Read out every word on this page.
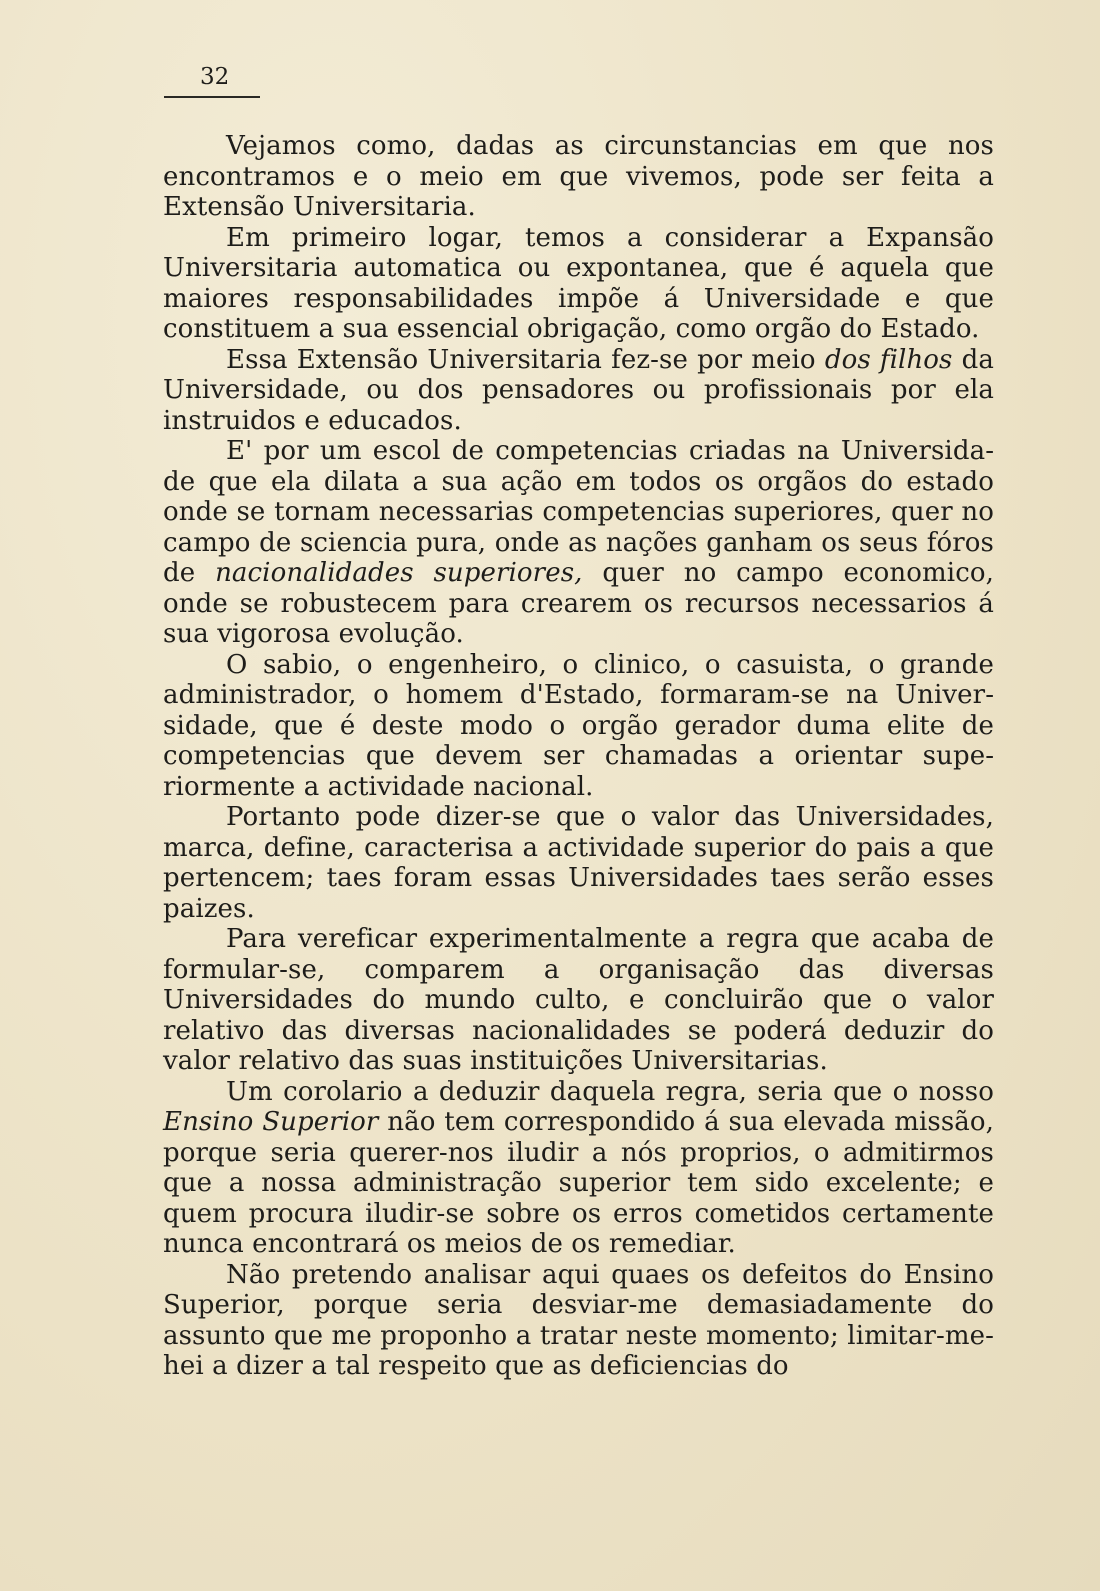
32

Vejamos como, dadas as circunstancias em que nos encontramos e o meio em que vivemos, pode ser feita a Extensão Universitaria.

Em primeiro logar, temos a considerar a Expansão Universitaria automatica ou expontanea, que é aquela que maiores responsabilidades impõe á Universidade e que constituem a sua essencial obrigação, como orgão do Estado.

Essa Extensão Universitaria fez-se por meio dos filhos da Universidade, ou dos pensadores ou profissionais por ela instruidos e educados.

E' por um escol de competencias criadas na Universidade que ela dilata a sua ação em todos os orgãos do estado onde se tornam necessarias competencias superiores, quer no campo de sciencia pura, onde as nações ganham os seus fóros de nacionalidades superiores, quer no campo economico, onde se robustecem para crearem os recursos necessarios á sua vigorosa evolução.

O sabio, o engenheiro, o clinico, o casuista, o grande administrador, o homem d'Estado, formaram-se na Universidade, que é deste modo o orgão gerador duma elite de competencias que devem ser chamadas a orientar superiormente a actividade nacional.

Portanto pode dizer-se que o valor das Universidades, marca, define, caracterisa a actividade superior do pais a que pertencem; taes foram essas Universidades taes serão esses paizes.

Para vereficar experimentalmente a regra que acaba de formular-se, comparem a organisação das diversas Universidades do mundo culto, e concluirão que o valor relativo das diversas nacionalidades se poderá deduzir do valor relativo das suas instituições Universitarias.

Um corolario a deduzir daquela regra, seria que o nosso Ensino Superior não tem correspondido á sua elevada missão, porque seria querer-nos iludir a nós proprios, o admitirmos que a nossa administração superior tem sido excelente; e quem procura iludir-se sobre os erros cometidos certamente nunca encontrará os meios de os remediar.

Não pretendo analisar aqui quaes os defeitos do Ensino Superior, porque seria desviar-me demasiadamente do assunto que me proponho a tratar neste momento; limitar-me-hei a dizer a tal respeito que as deficiencias do
